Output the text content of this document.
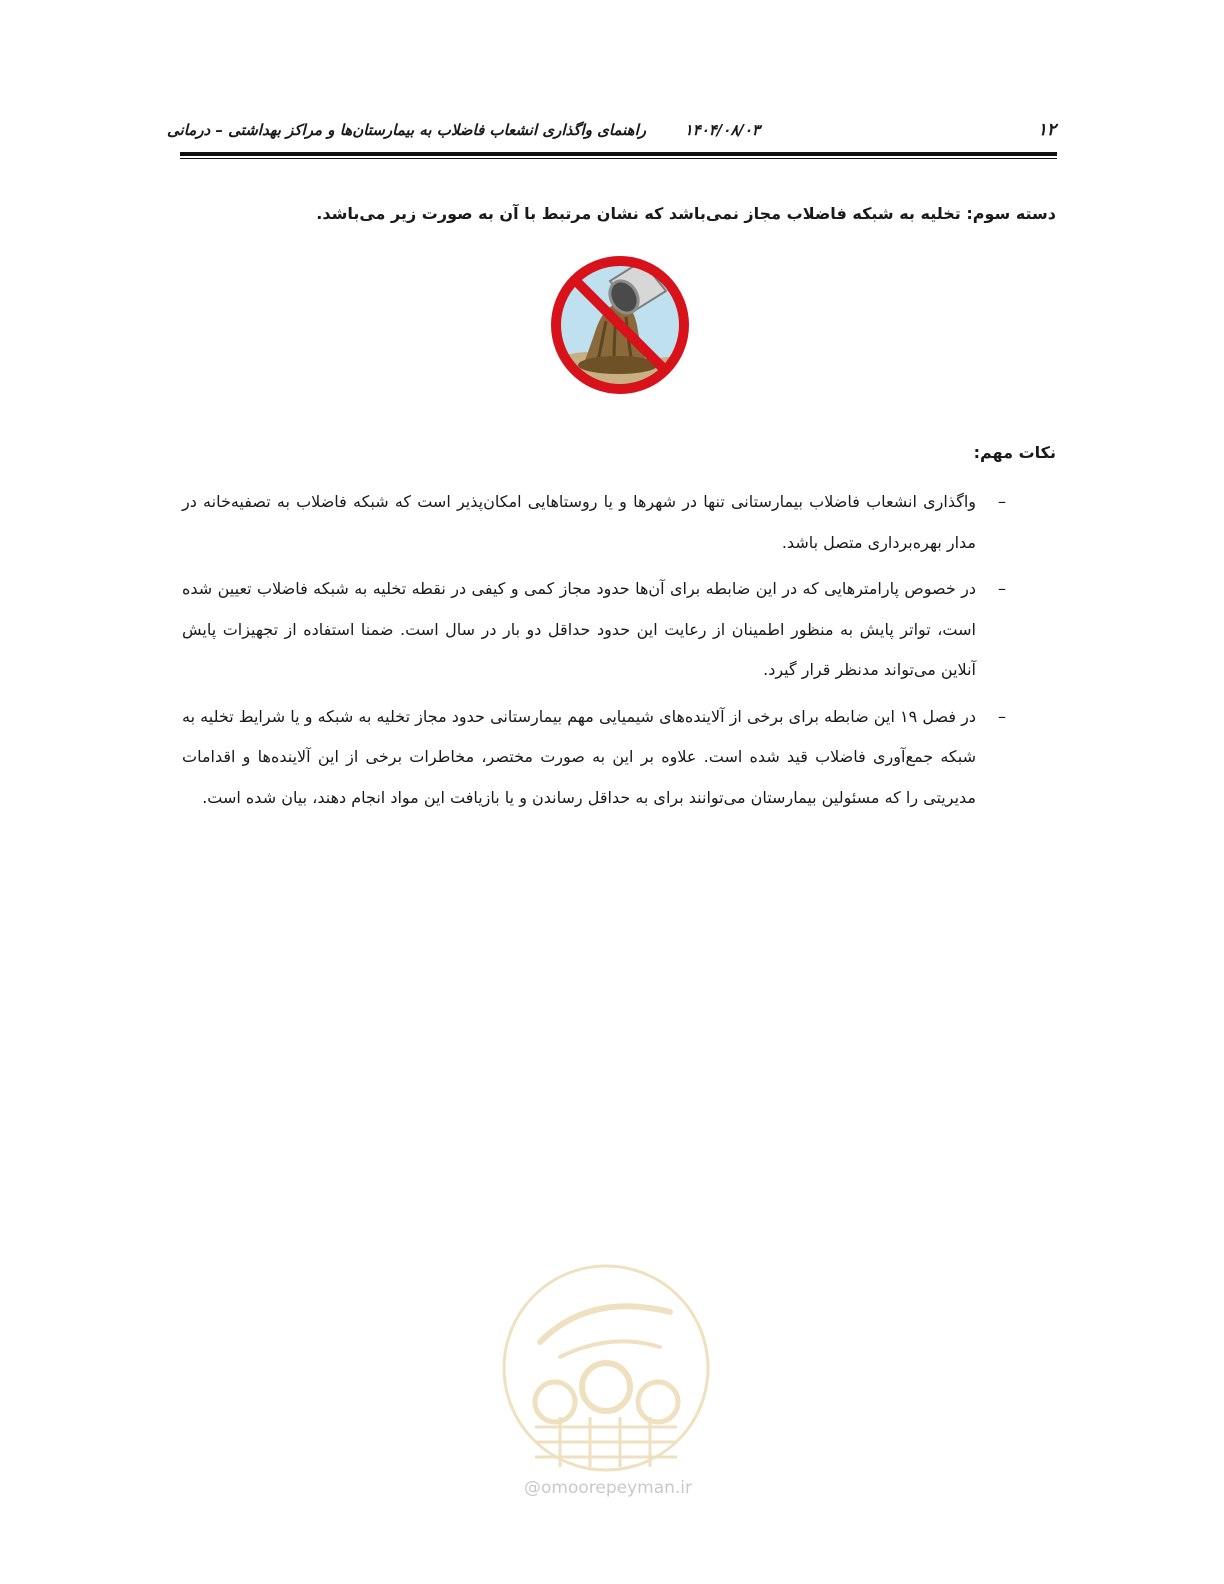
۱۲
۱۴۰۴/۰۸/۰۳
راهنمای واگذاری انشعاب فاضلاب به بیمارستان‌ها و مراکز بهداشتی – درمانی
دسته سوم: تخلیه به شبکه فاضلاب مجاز نمی‌باشد که نشان مرتبط با آن به صورت زیر می‌باشد.
نکات مهم:
–
واگذاری انشعاب فاضلاب بیمارستانی تنها در شهرها و یا روستاهایی امکان‌پذیر است که شبکه فاضلاب به تصفیه‌خانه در مدار بهره‌برداری متصل باشد.
–
در خصوص پارامترهایی که در این ضابطه برای آن‌ها حدود مجاز کمی و کیفی در نقطه تخلیه به شبکه فاضلاب تعیین شده است، تواتر پایش به منظور اطمینان از رعایت این حدود حداقل دو بار در سال است. ضمنا استفاده از تجهیزات پایش آنلاین می‌تواند مدنظر قرار گیرد.
–
در فصل ۱۹ این ضابطه برای برخی از آلاینده‌های شیمیایی مهم بیمارستانی حدود مجاز تخلیه به شبکه و یا شرایط تخلیه به شبکه جمع‌آوری فاضلاب قید شده است. علاوه بر این به صورت مختصر، مخاطرات برخی از این آلاینده‌ها و اقدامات مدیریتی را که مسئولین بیمارستان می‌توانند برای به حداقل رساندن و یا بازیافت این مواد انجام دهند، بیان شده است.
@omoorepeyman.ir
